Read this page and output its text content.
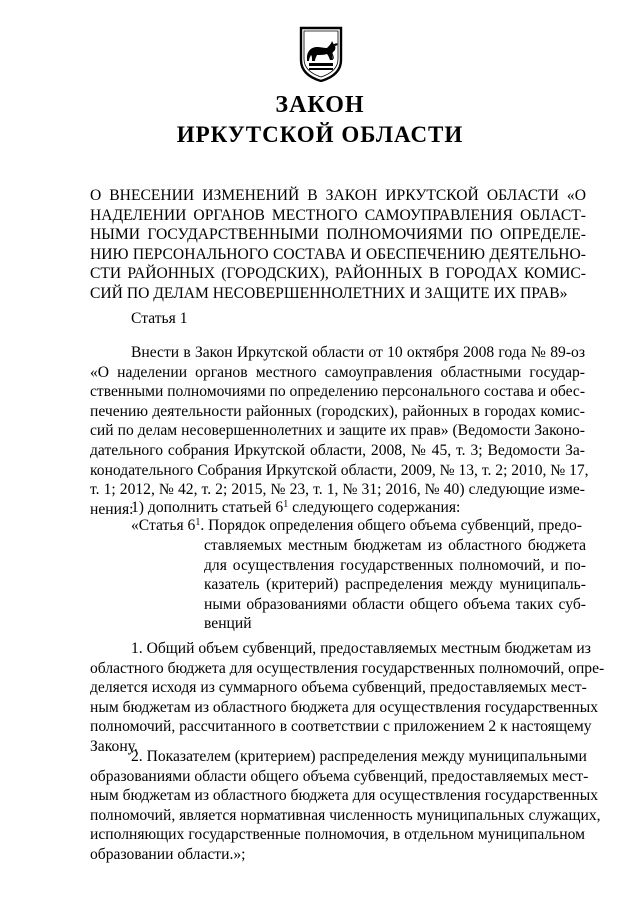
ЗАКОН
ИРКУТСКОЙ ОБЛАСТИ
О ВНЕСЕНИИ ИЗМЕНЕНИЙ В ЗАКОН ИРКУТСКОЙ ОБЛАСТИ «О
НАДЕЛЕНИИ ОРГАНОВ МЕСТНОГО САМОУПРАВЛЕНИЯ ОБЛАСТ-
НЫМИ ГОСУДАРСТВЕННЫМИ ПОЛНОМОЧИЯМИ ПО ОПРЕДЕЛЕ-
НИЮ ПЕРСОНАЛЬНОГО СОСТАВА И ОБЕСПЕЧЕНИЮ ДЕЯТЕЛЬНО-
СТИ РАЙОННЫХ (ГОРОДСКИХ), РАЙОННЫХ В ГОРОДАХ КОМИС-
СИЙ ПО ДЕЛАМ НЕСОВЕРШЕННОЛЕТНИХ И ЗАЩИТЕ ИХ ПРАВ»
Статья 1
Внести в Закон Иркутской области от 10 октября 2008 года № 89-оз
«О наделении органов местного самоуправления областными государ-
ственными полномочиями по определению персонального состава и обес-
печению деятельности районных (городских), районных в городах комис-
сий по делам несовершеннолетних и защите их прав» (Ведомости Законо-
дательного собрания Иркутской области, 2008, № 45, т. 3; Ведомости За-
конодательного Собрания Иркутской области, 2009, № 13, т. 2; 2010, № 17,
т. 1; 2012, № 42, т. 2; 2015, № 23, т. 1, № 31; 2016, № 40) следующие изме-
нения:
1) дополнить статьей $6^1$ следующего содержания:
«Статья $6^1$. Порядок определения общего объема субвенций, предо-
ставляемых местным бюджетам из областного бюджета
для осуществления государственных полномочий, и по-
казатель (критерий) распределения между муниципаль-
ными образованиями области общего объема таких суб-
венций
1. Общий объем субвенций, предоставляемых местным бюджетам из
областного бюджета для осуществления государственных полномочий, опре-
деляется исходя из суммарного объема субвенций, предоставляемых мест-
ным бюджетам из областного бюджета для осуществления государственных
полномочий, рассчитанного в соответствии с приложением 2 к настоящему
Закону.
2. Показателем (критерием) распределения между муниципальными
образованиями области общего объема субвенций, предоставляемых мест-
ным бюджетам из областного бюджета для осуществления государственных
полномочий, является нормативная численность муниципальных служащих,
исполняющих государственные полномочия, в отдельном муниципальном
образовании области.»;
